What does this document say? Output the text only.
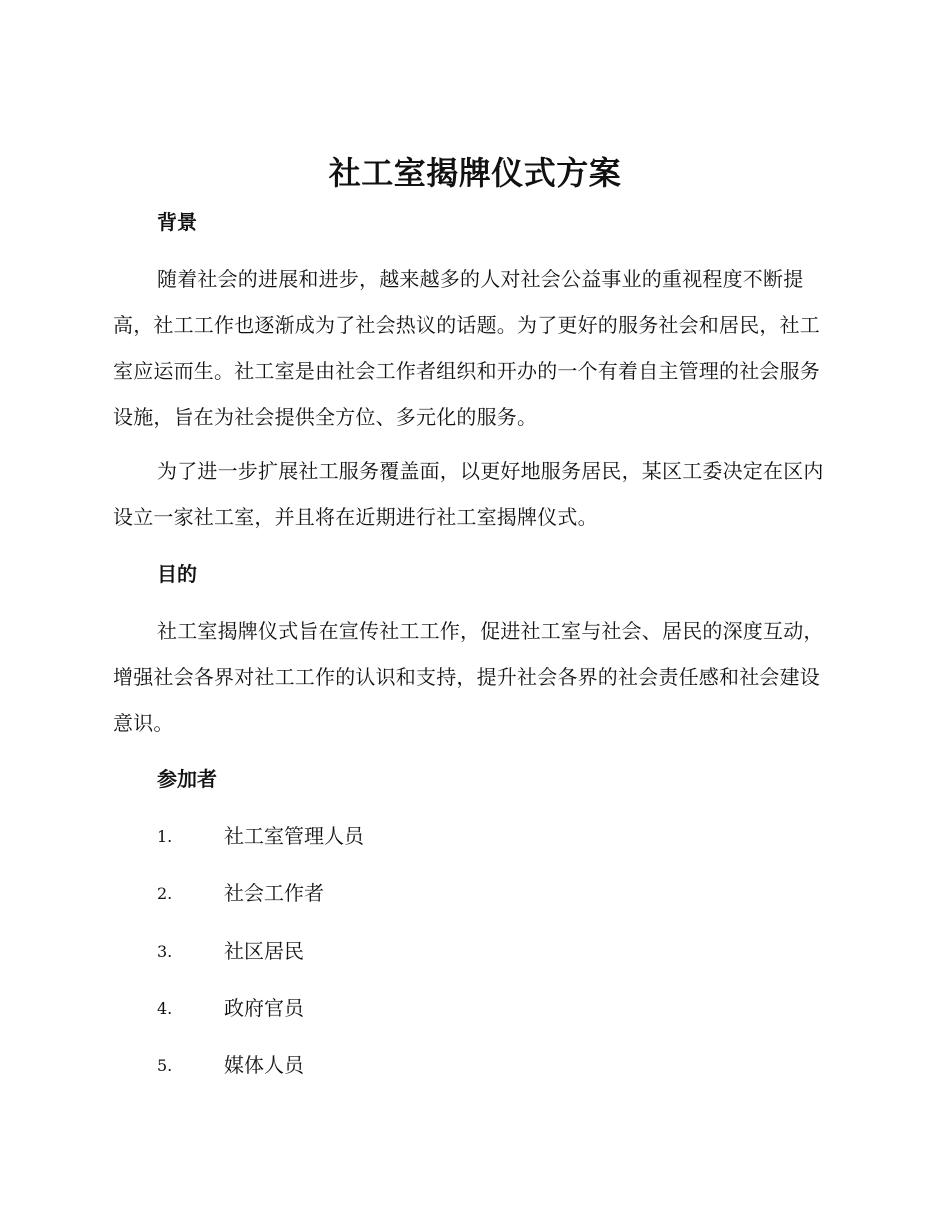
社工室揭牌仪式方案
背景

随着社会的进展和进步，越来越多的人对社会公益事业的重视程度不断提高，社工工作也逐渐成为了社会热议的话题。为了更好的服务社会和居民，社工室应运而生。社工室是由社会工作者组织和开办的一个有着自主管理的社会服务设施，旨在为社会提供全方位、多元化的服务。

为了进一步扩展社工服务覆盖面，以更好地服务居民，某区工委决定在区内设立一家社工室，并且将在近期进行社工室揭牌仪式。

目的

社工室揭牌仪式旨在宣传社工工作，促进社工室与社会、居民的深度互动，增强社会各界对社工工作的认识和支持，提升社会各界的社会责任感和社会建设意识。

参加者
1.	社工室管理人员
2.	社会工作者
3.	社区居民
4.	政府官员
5.	媒体人员
